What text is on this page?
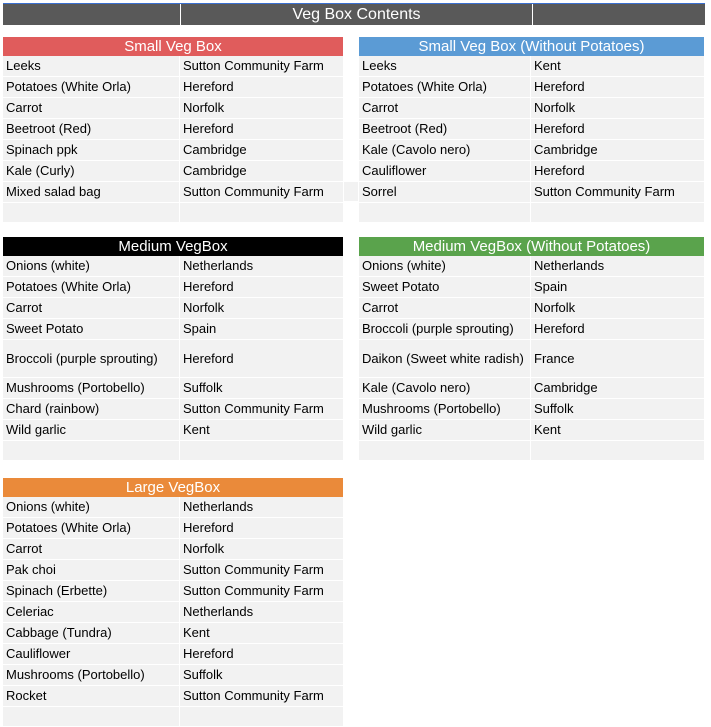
Veg Box Contents
Small Veg Box
Leeks	Sutton Community Farm
Potatoes (White Orla)	Hereford
Carrot	Norfolk
Beetroot (Red)	Hereford
Spinach ppk	Cambridge
Kale (Curly)	Cambridge
Mixed salad bag	Sutton Community Farm
Small Veg Box (Without Potatoes)
Leeks	Kent
Potatoes (White Orla)	Hereford
Carrot	Norfolk
Beetroot (Red)	Hereford
Kale (Cavolo nero)	Cambridge
Cauliflower	Hereford
Sorrel	Sutton Community Farm
Medium VegBox
Onions (white)	Netherlands
Potatoes (White Orla)	Hereford
Carrot	Norfolk
Sweet Potato	Spain
Broccoli (purple sprouting)	Hereford
Mushrooms (Portobello)	Suffolk
Chard (rainbow)	Sutton Community Farm
Wild garlic	Kent
Medium VegBox (Without Potatoes)
Onions (white)	Netherlands
Sweet Potato	Spain
Carrot	Norfolk
Broccoli (purple sprouting)	Hereford
Daikon (Sweet white radish) France
Kale (Cavolo nero)	Cambridge
Mushrooms (Portobello)	Suffolk
Wild garlic	Kent
Large VegBox
Onions (white)	Netherlands
Potatoes (White Orla)	Hereford
Carrot	Norfolk
Pak choi	Sutton Community Farm
Spinach (Erbette)	Sutton Community Farm
Celeriac	Netherlands
Cabbage (Tundra)	Kent
Cauliflower	Hereford
Mushrooms (Portobello)	Suffolk
Rocket	Sutton Community Farm
